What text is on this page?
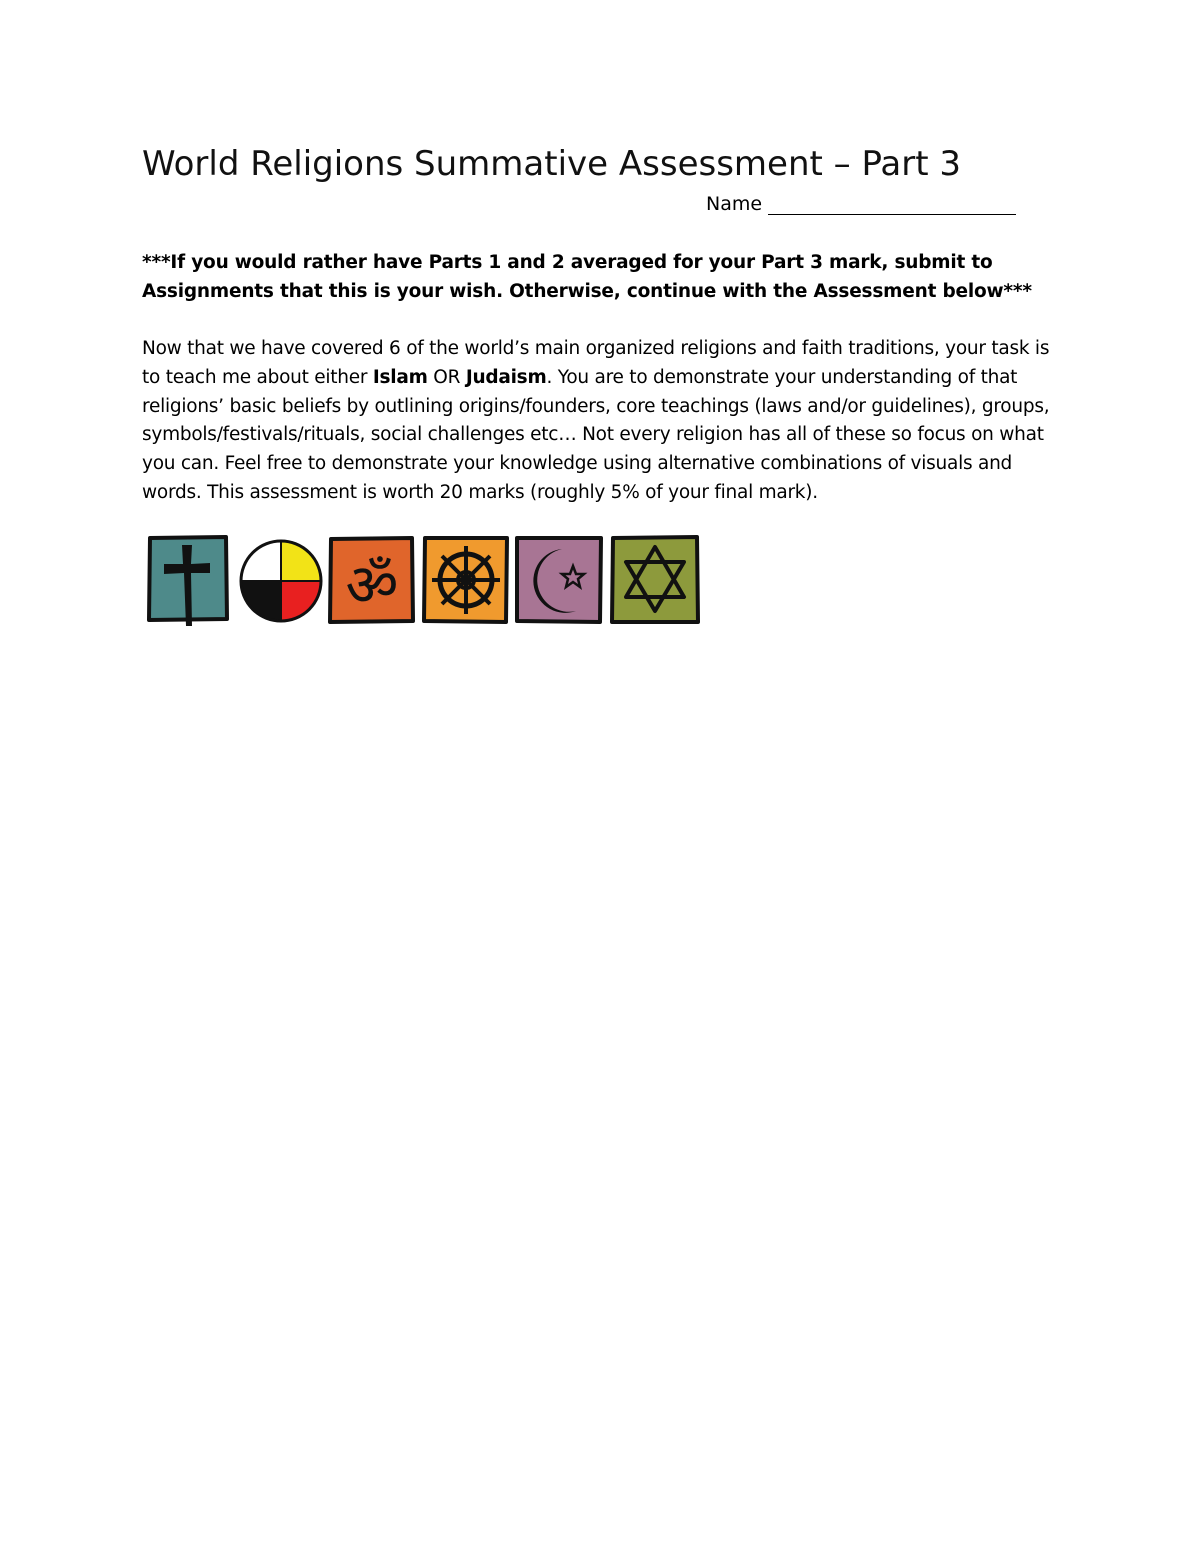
World Religions Summative Assessment – Part 3
Name
***If you would rather have Parts 1 and 2 averaged for your Part 3 mark, submit to Assignments that this is your wish. Otherwise, continue with the Assessment below***
Now that we have covered 6 of the world’s main organized religions and faith traditions, your task is to teach me about either Islam OR Judaism. You are to demonstrate your understanding of that religions’ basic beliefs by outlining origins/founders, core teachings (laws and/or guidelines), groups, symbols/festivals/rituals, social challenges etc… Not every religion has all of these so focus on what you can. Feel free to demonstrate your knowledge using alternative combinations of visuals and words. This assessment is worth 20 marks (roughly 5% of your final mark).
ॐ
